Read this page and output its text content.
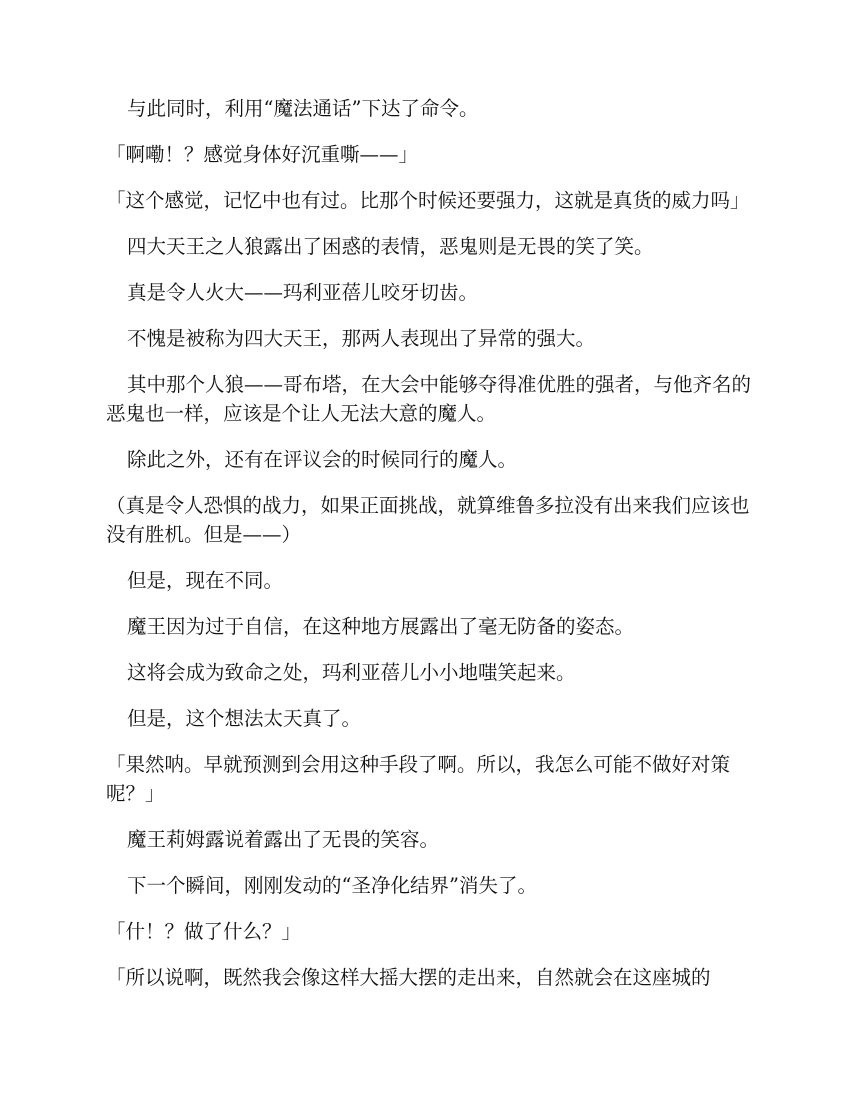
与此同时，利用“魔法通话”下达了命令。

「啊嘞！？感觉身体好沉重嘶——」

「这个感觉，记忆中也有过。比那个时候还要强力，这就是真货的威力吗」

四大天王之人狼露出了困惑的表情，恶鬼则是无畏的笑了笑。

真是令人火大——玛利亚蓓儿咬牙切齿。

不愧是被称为四大天王，那两人表现出了异常的强大。

其中那个人狼——哥布塔，在大会中能够夺得准优胜的强者，与他齐名的恶鬼也一样，应该是个让人无法大意的魔人。

除此之外，还有在评议会的时候同行的魔人。

（真是令人恐惧的战力，如果正面挑战，就算维鲁多拉没有出来我们应该也没有胜机。但是——）

但是，现在不同。

魔王因为过于自信，在这种地方展露出了毫无防备的姿态。

这将会成为致命之处，玛利亚蓓儿小小地嗤笑起来。

但是，这个想法太天真了。

「果然呐。早就预测到会用这种手段了啊。所以，我怎么可能不做好对策呢？」

魔王莉姆露说着露出了无畏的笑容。

下一个瞬间，刚刚发动的“圣净化结界”消失了。

「什！？做了什么？」

「所以说啊，既然我会像这样大摇大摆的走出来，自然就会在这座城的
